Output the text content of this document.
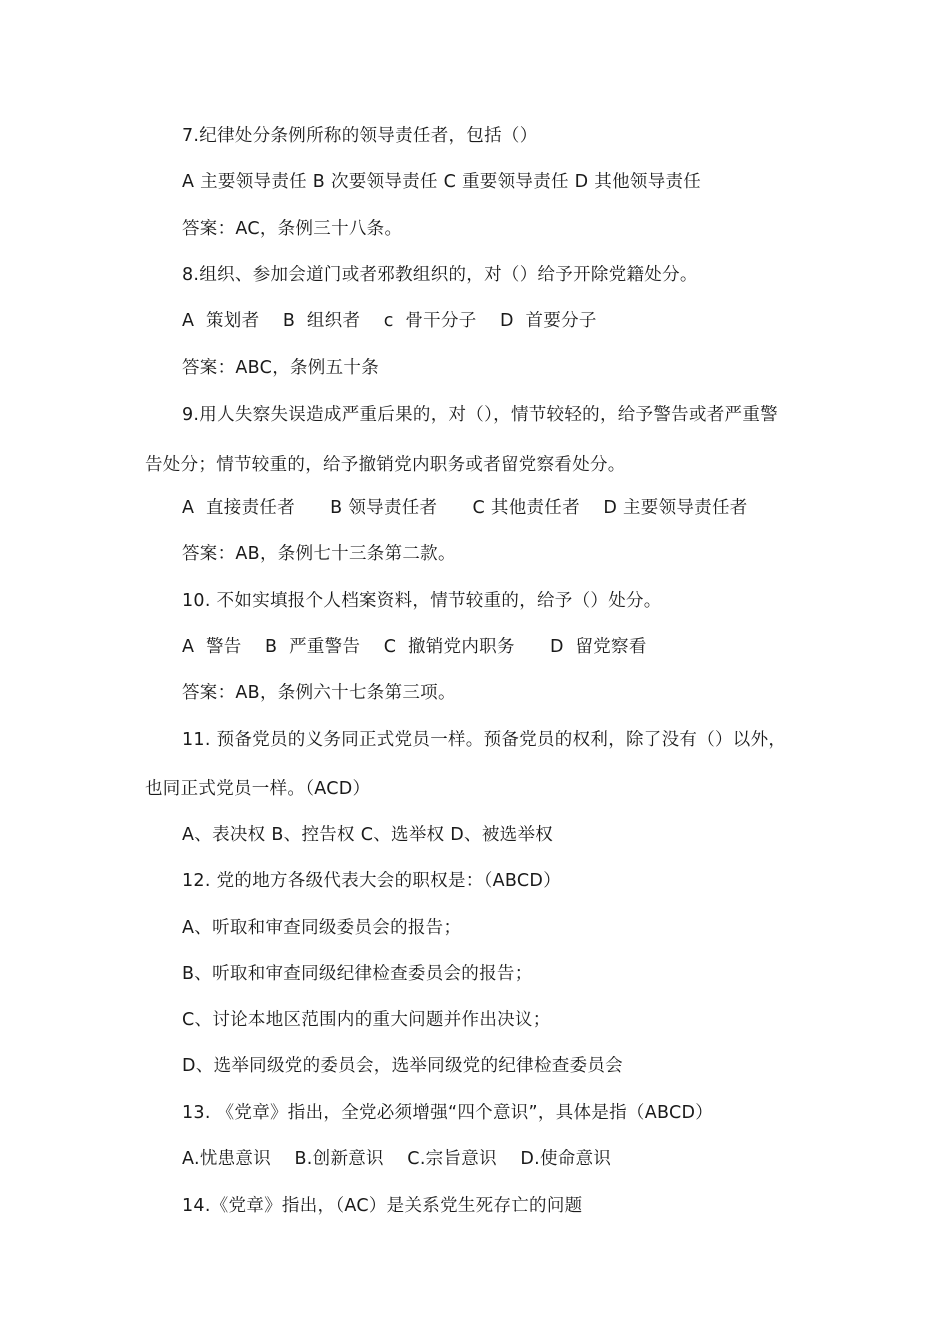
7.纪律处分条例所称的领导责任者，包括（）
A 主要领导责任 B 次要领导责任 C 重要领导责任 D 其他领导责任
答案：AC，条例三十八条。
8.组织、参加会道门或者邪教组织的，对（）给予开除党籍处分。
A  策划者    B  组织者    c  骨干分子    D  首要分子
答案：ABC，条例五十条
9.用人失察失误造成严重后果的，对（），情节较轻的，给予警告或者严重警
告处分；情节较重的，给予撤销党内职务或者留党察看处分。
A  直接责任者      B 领导责任者      C 其他责任者    D 主要领导责任者
答案：AB，条例七十三条第二款。
10. 不如实填报个人档案资料，情节较重的，给予（）处分。
A  警告    B  严重警告    C  撤销党内职务      D  留党察看
答案：AB，条例六十七条第三项。
11. 预备党员的义务同正式党员一样。预备党员的权利，除了没有（）以外，
也同正式党员一样。（ACD）
A、表决权 B、控告权 C、选举权 D、被选举权
12. 党的地方各级代表大会的职权是：（ABCD）
A、听取和审查同级委员会的报告；
B、听取和审查同级纪律检查委员会的报告；
C、讨论本地区范围内的重大问题并作出决议；
D、选举同级党的委员会，选举同级党的纪律检查委员会
13. 《党章》指出，全党必须增强“四个意识”，具体是指（ABCD）
A.忧患意识    B.创新意识    C.宗旨意识    D.使命意识
14.《党章》指出，（AC）是关系党生死存亡的问题
